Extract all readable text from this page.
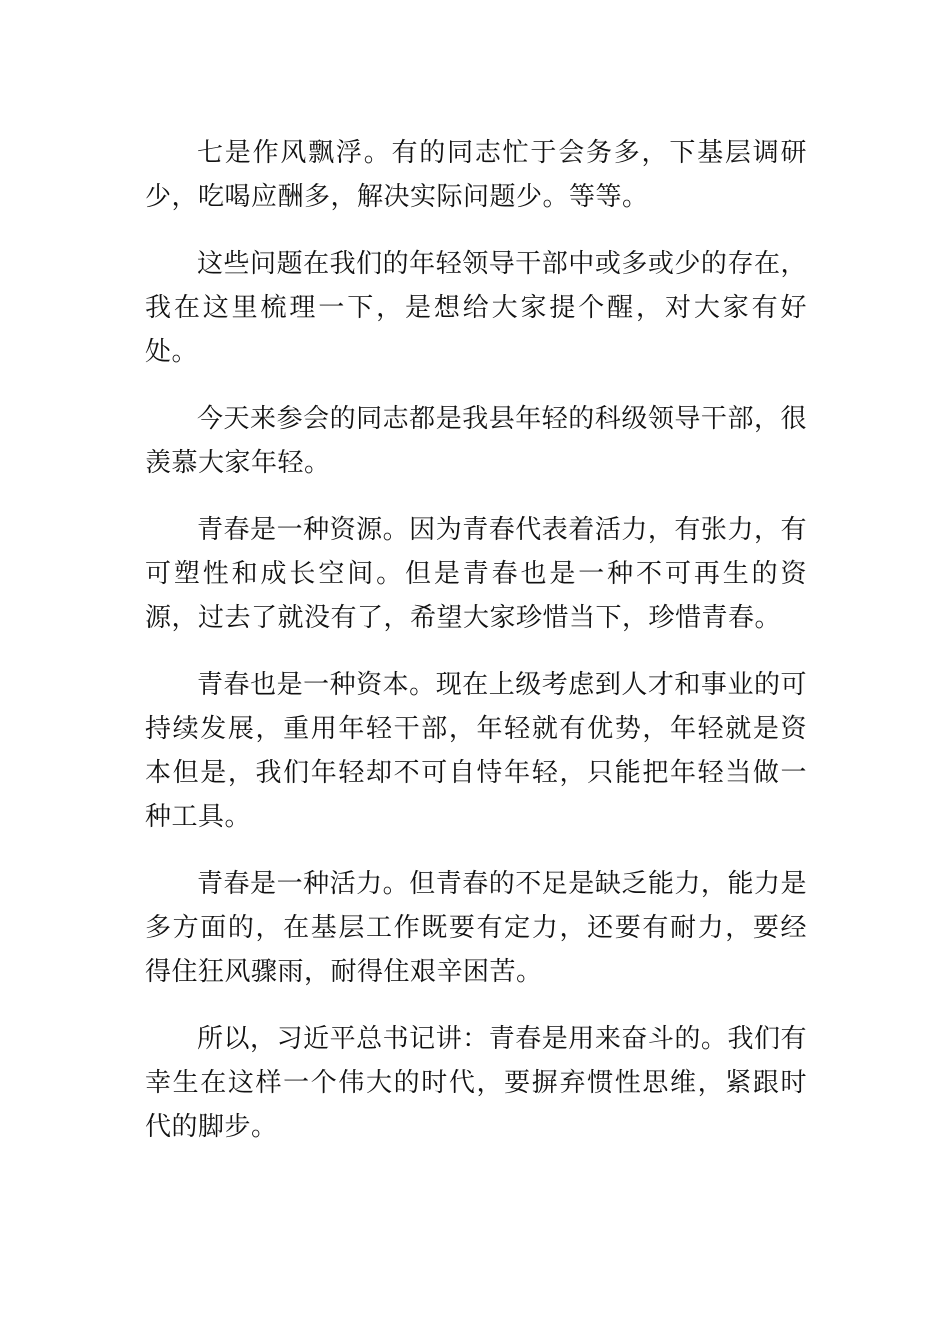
七是作风飘浮。有的同志忙于会务多，下基层调研少，吃喝应酬多，解决实际问题少。等等。

这些问题在我们的年轻领导干部中或多或少的存在，我在这里梳理一下，是想给大家提个醒，对大家有好处。

今天来参会的同志都是我县年轻的科级领导干部，很羡慕大家年轻。

青春是一种资源。因为青春代表着活力，有张力，有可塑性和成长空间。但是青春也是一种不可再生的资源，过去了就没有了，希望大家珍惜当下，珍惜青春。

青春也是一种资本。现在上级考虑到人才和事业的可持续发展，重用年轻干部，年轻就有优势，年轻就是资本但是，我们年轻却不可自恃年轻，只能把年轻当做一种工具。

青春是一种活力。但青春的不足是缺乏能力，能力是多方面的，在基层工作既要有定力，还要有耐力，要经得住狂风骤雨，耐得住艰辛困苦。

所以，习近平总书记讲：青春是用来奋斗的。我们有幸生在这样一个伟大的时代，要摒弃惯性思维，紧跟时代的脚步。
